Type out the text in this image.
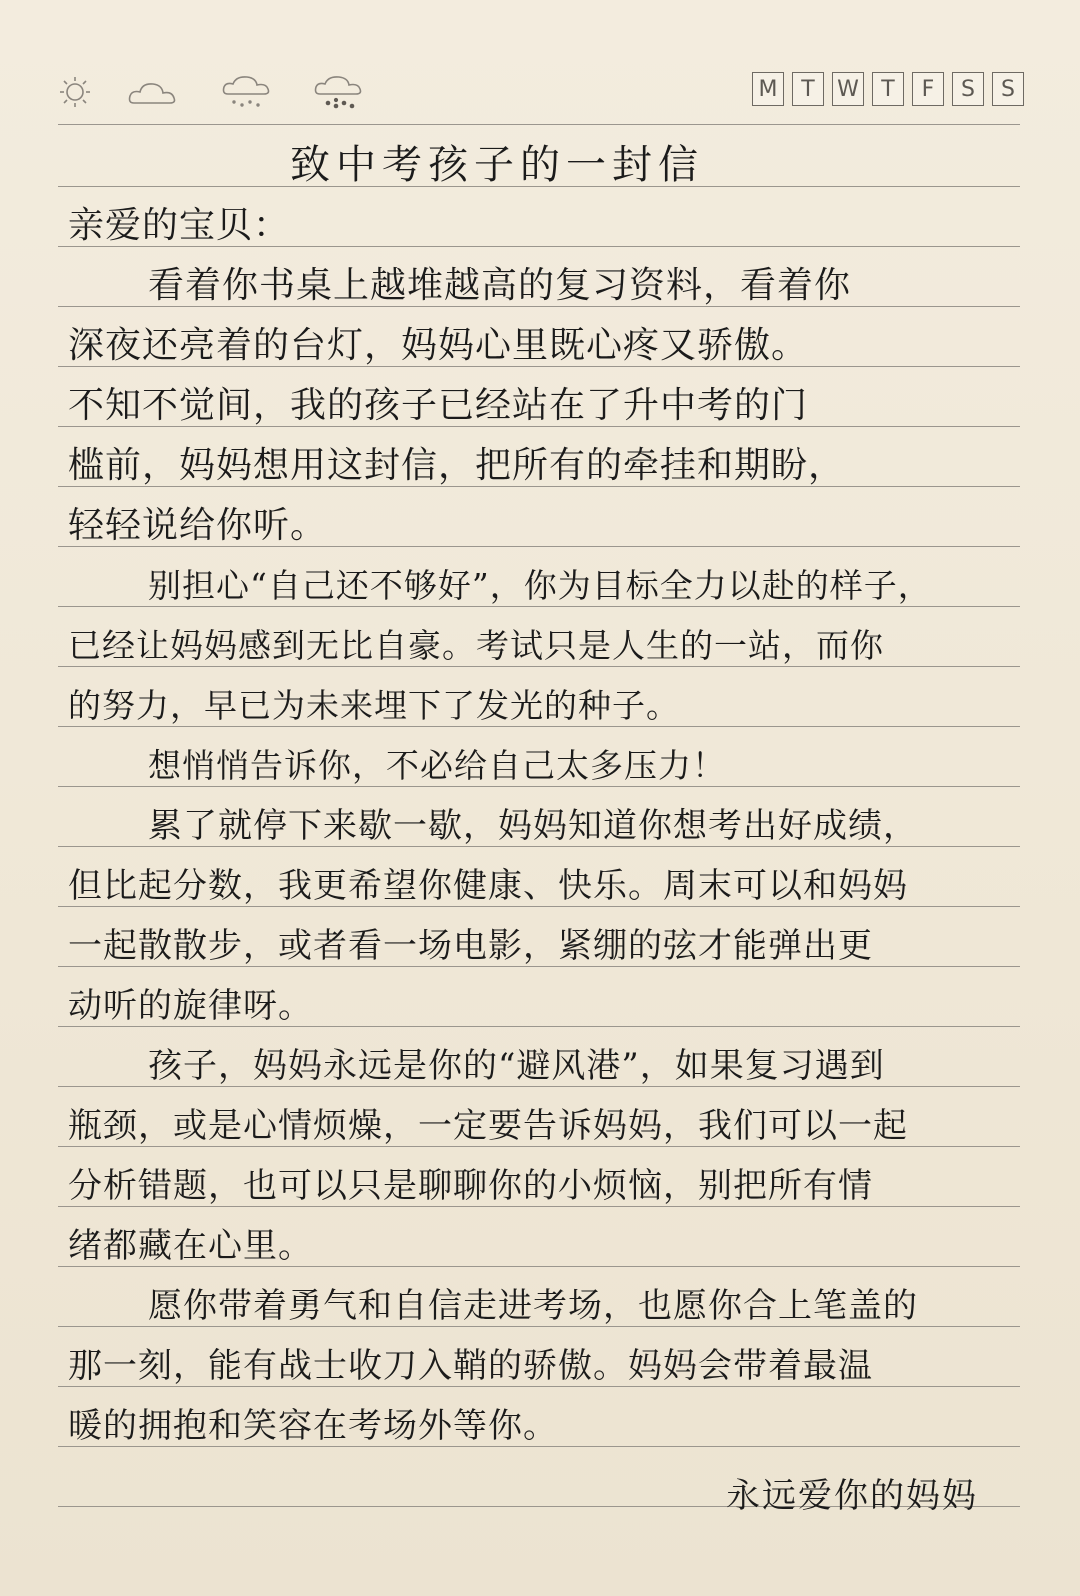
M	T	W	T	F	S	S
致中考孩子的一封信
亲爱的宝贝：
看着你书桌上越堆越高的复习资料，看着你
深夜还亮着的台灯，妈妈心里既心疼又骄傲。
不知不觉间，我的孩子已经站在了升中考的门
槛前，妈妈想用这封信，把所有的牵挂和期盼，
轻轻说给你听。
别担心“自己还不够好”，你为目标全力以赴的样子，
已经让妈妈感到无比自豪。考试只是人生的一站，而你
的努力，早已为未来埋下了发光的种子。
想悄悄告诉你，不必给自己太多压力！
累了就停下来歇一歇，妈妈知道你想考出好成绩，
但比起分数，我更希望你健康、快乐。周末可以和妈妈
一起散散步，或者看一场电影，紧绷的弦才能弹出更
动听的旋律呀。
孩子，妈妈永远是你的“避风港”，如果复习遇到
瓶颈，或是心情烦燥，一定要告诉妈妈，我们可以一起
分析错题，也可以只是聊聊你的小烦恼，别把所有情
绪都藏在心里。
愿你带着勇气和自信走进考场，也愿你合上笔盖的
那一刻，能有战士收刀入鞘的骄傲。妈妈会带着最温
暖的拥抱和笑容在考场外等你。
永远爱你的妈妈
